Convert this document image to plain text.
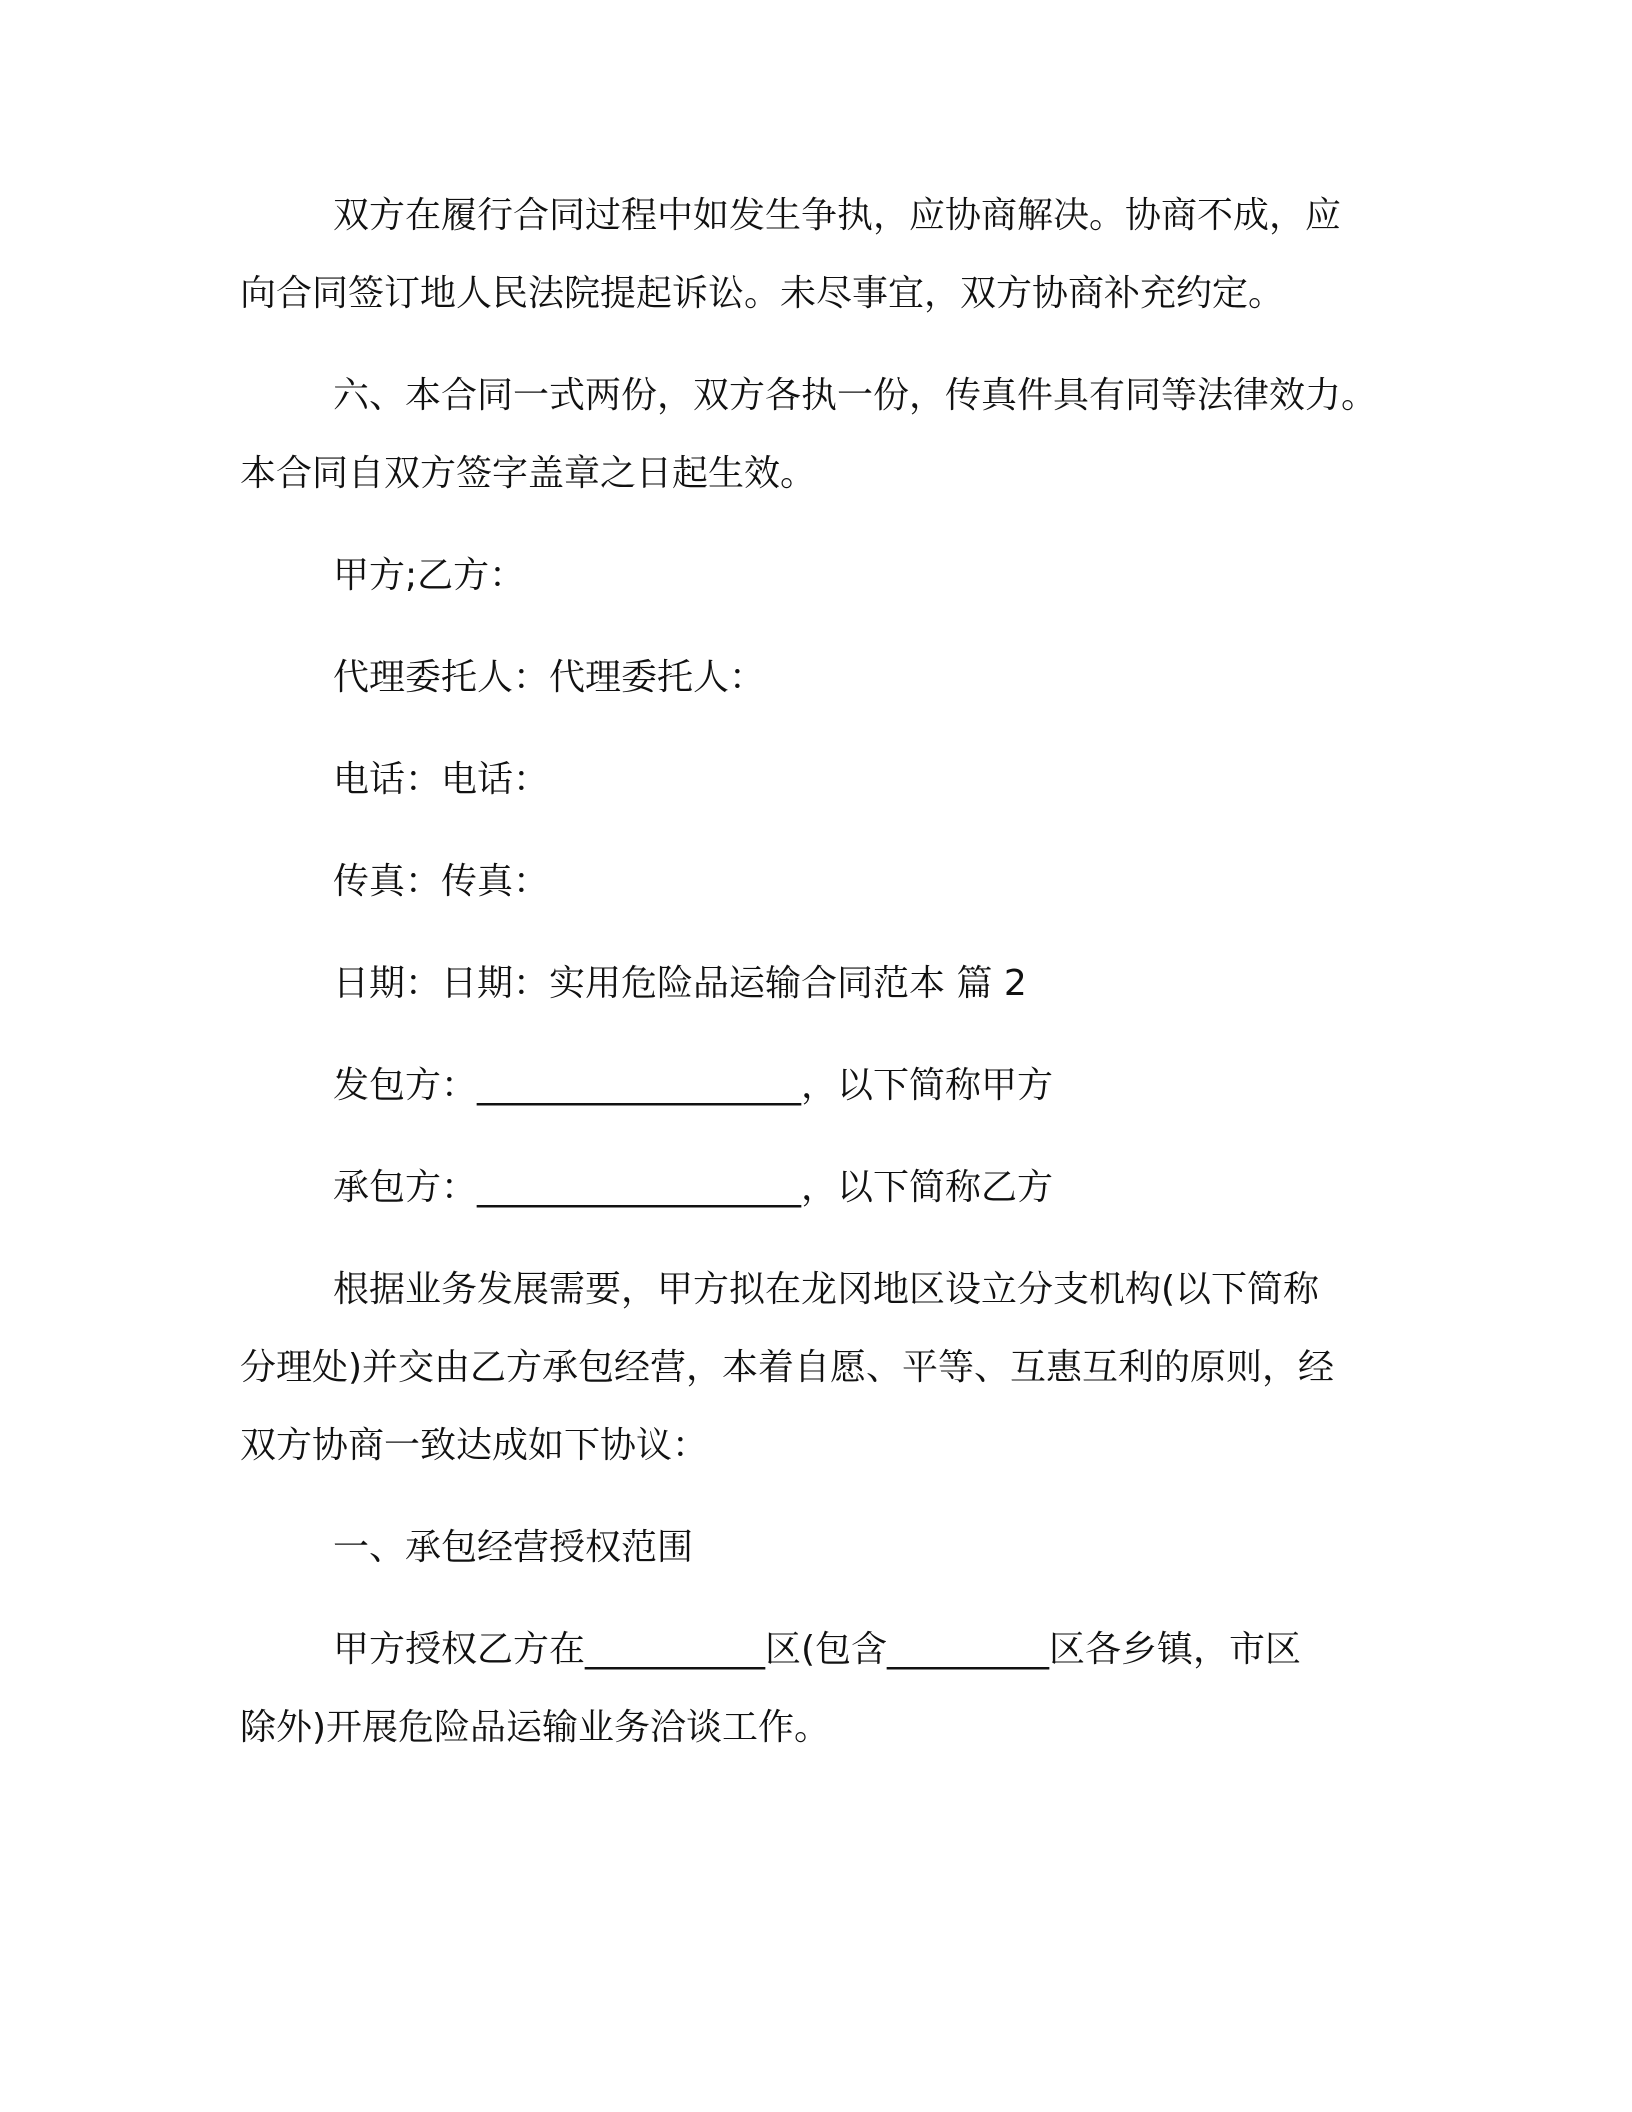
双方在履行合同过程中如发生争执，应协商解决。协商不成，应
向合同签订地人民法院提起诉讼。未尽事宜，双方协商补充约定。
六、本合同一式两份，双方各执一份，传真件具有同等法律效力。
本合同自双方签字盖章之日起生效。
甲方;乙方：
代理委托人：代理委托人：
电话：电话：
传真：传真：
日期：日期：实用危险品运输合同范本 篇 2
发包方：__________________，以下简称甲方
承包方：__________________，以下简称乙方
根据业务发展需要，甲方拟在龙冈地区设立分支机构(以下简称
分理处)并交由乙方承包经营，本着自愿、平等、互惠互利的原则，经
双方协商一致达成如下协议：
一、承包经营授权范围
甲方授权乙方在__________区(包含_________区各乡镇，市区
除外)开展危险品运输业务洽谈工作。
